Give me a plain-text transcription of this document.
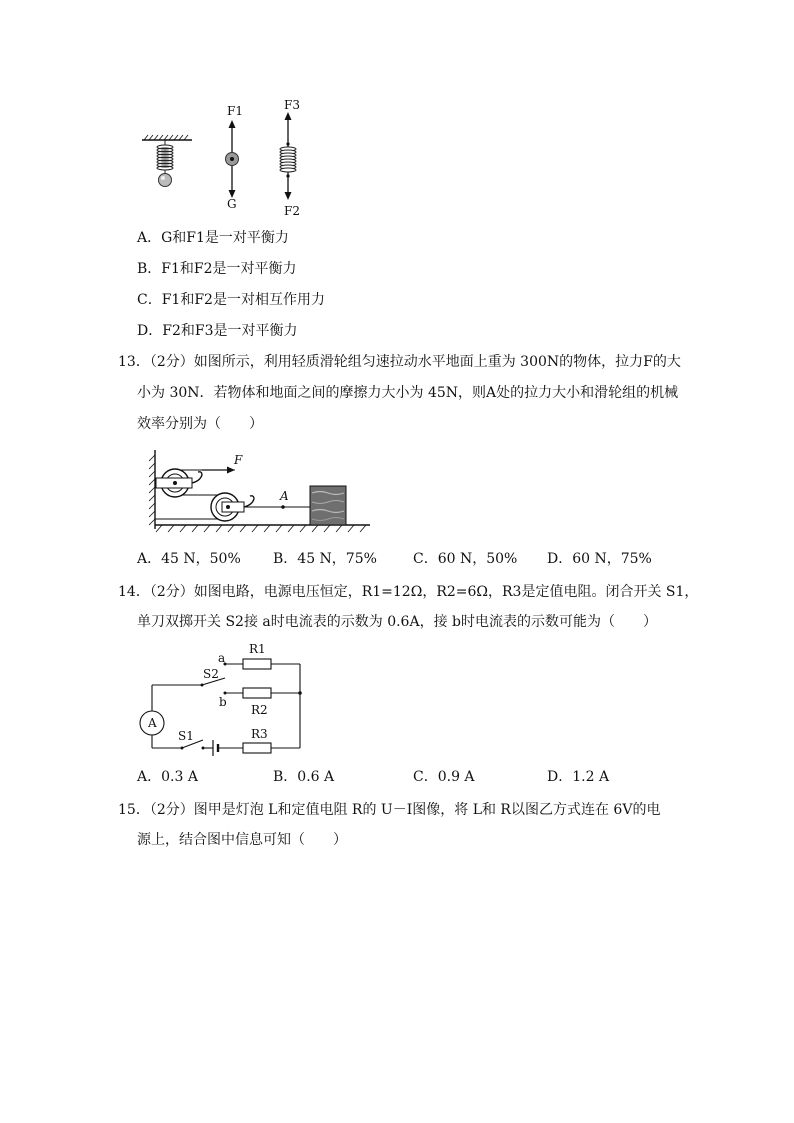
F1
G
F3
F2
A．G和F1是一对平衡力
B．F1和F2是一对平衡力
C．F1和F2是一对相互作用力
D．F2和F3是一对平衡力
13．（2分）如图所示，利用轻质滑轮组匀速拉动水平地面上重为 300N的物体，拉力F的大
小为 30N．若物体和地面之间的摩擦力大小为 45N，则A处的拉力大小和滑轮组的机械
效率分别为（　　）
F
A
A．45 N，50% B．45 N，75%	C．60 N，50% D．60 N，75%
14．（2分）如图电路，电源电压恒定，R1=12Ω，R2=6Ω，R3是定值电阻。闭合开关 S1，
单刀双掷开关 S2接 a时电流表的示数为 0.6A，接 b时电流表的示数可能为（　　）
A
R1
R2
R3
a
b
S2
S1
A．0.3 A	B．0.6 A	C．0.9 A	D．1.2 A
15．（2分）图甲是灯泡 L和定值电阻 R的 U－I图像，将 L和 R以图乙方式连在 6V的电
源上，结合图中信息可知（　　）
